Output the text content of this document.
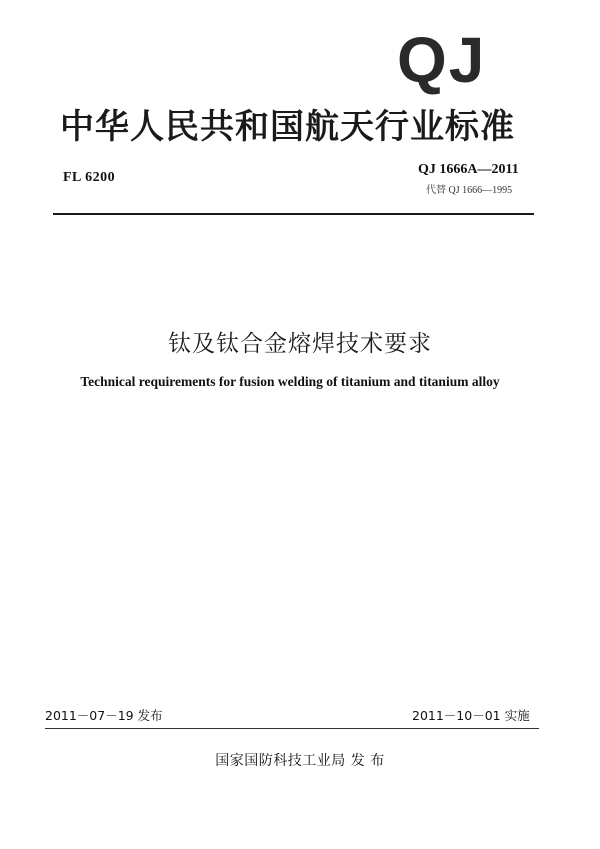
QJ
中华人民共和国航天行业标准
FL 6200
QJ 1666A—2011
代替 QJ 1666—1995
钛及钛合金熔焊技术要求
Technical requirements for fusion welding of titanium and titanium alloy
2011－07－19 发布	2011－10－01 实施
国家国防科技工业局 发 布
